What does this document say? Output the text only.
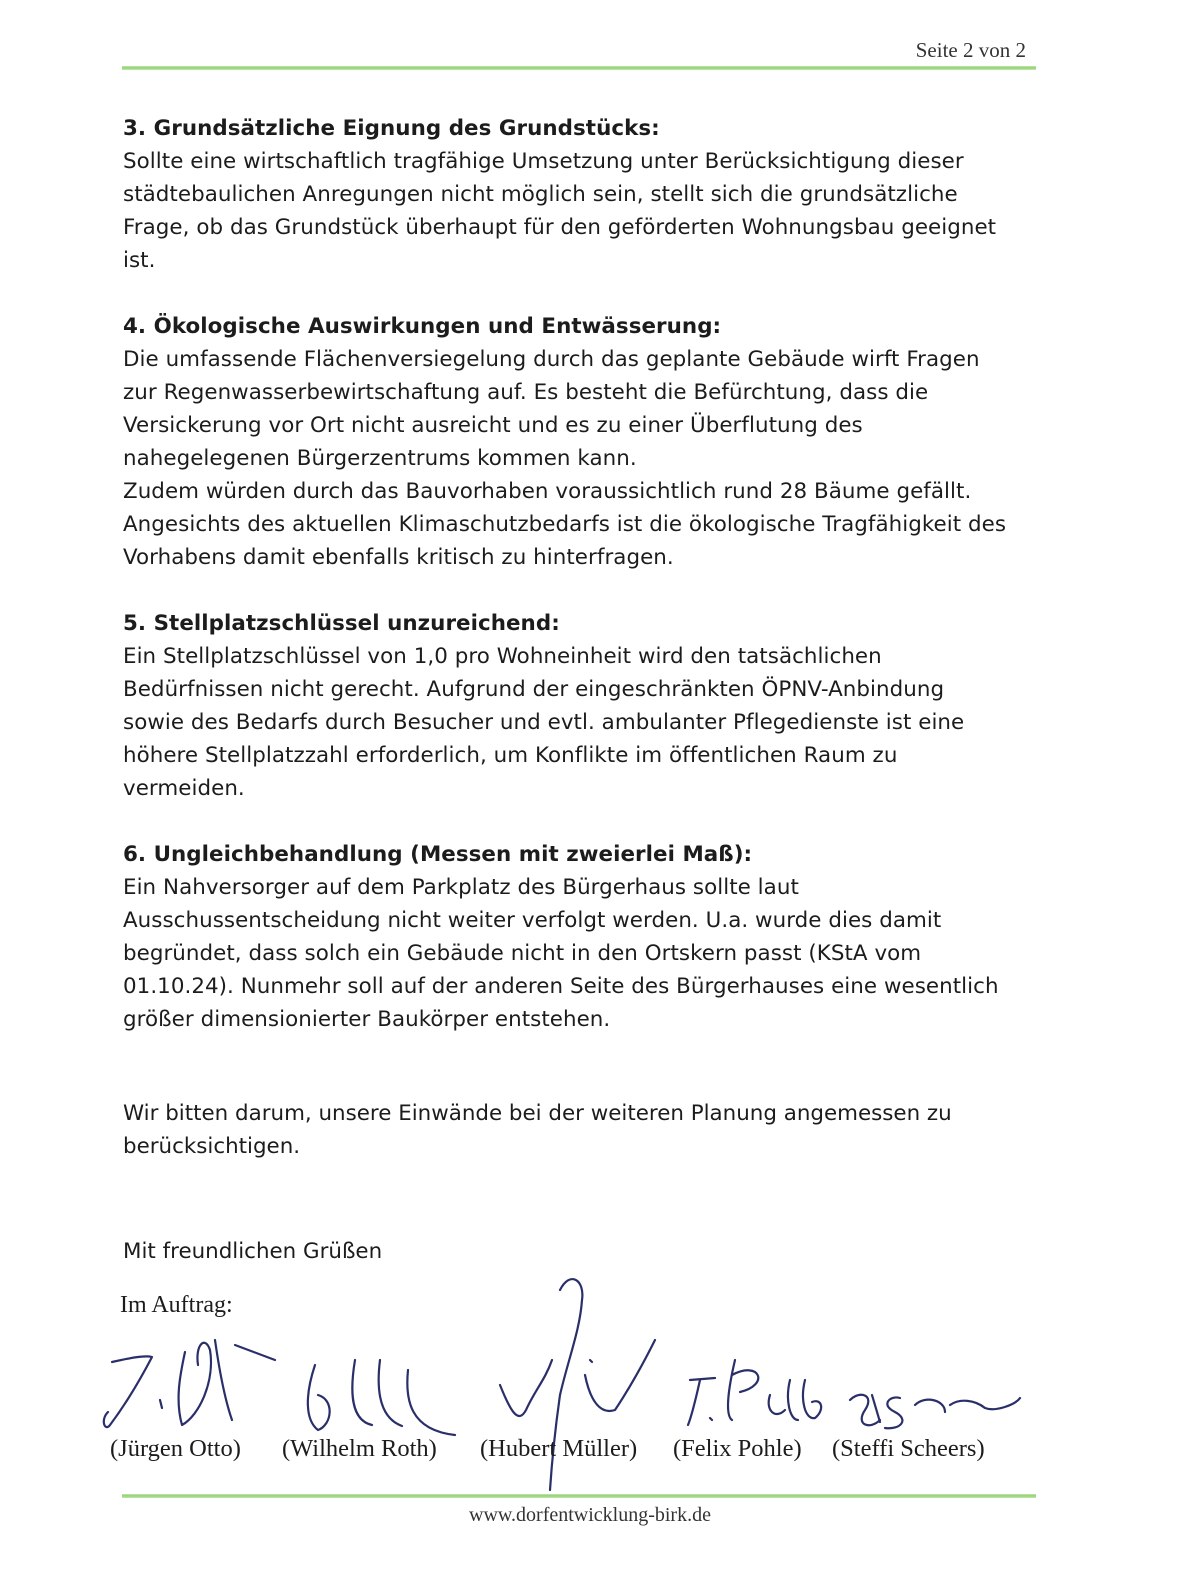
Seite 2 von 2
3. Grundsätzliche Eignung des Grundstücks:

Sollte eine wirtschaftlich tragfähige Umsetzung unter Berücksichtigung dieser

städtebaulichen Anregungen nicht möglich sein, stellt sich die grundsätzliche

Frage, ob das Grundstück überhaupt für den geförderten Wohnungsbau geeignet

ist.

4. Ökologische Auswirkungen und Entwässerung:

Die umfassende Flächenversiegelung durch das geplante Gebäude wirft Fragen

zur Regenwasserbewirtschaftung auf. Es besteht die Befürchtung, dass die

Versickerung vor Ort nicht ausreicht und es zu einer Überflutung des

nahegelegenen Bürgerzentrums kommen kann.

Zudem würden durch das Bauvorhaben voraussichtlich rund 28 Bäume gefällt.

Angesichts des aktuellen Klimaschutzbedarfs ist die ökologische Tragfähigkeit des

Vorhabens damit ebenfalls kritisch zu hinterfragen.

5. Stellplatzschlüssel unzureichend:

Ein Stellplatzschlüssel von 1,0 pro Wohneinheit wird den tatsächlichen

Bedürfnissen nicht gerecht. Aufgrund der eingeschränkten ÖPNV-Anbindung

sowie des Bedarfs durch Besucher und evtl. ambulanter Pflegedienste ist eine

höhere Stellplatzzahl erforderlich, um Konflikte im öffentlichen Raum zu

vermeiden.

6. Ungleichbehandlung (Messen mit zweierlei Maß):

Ein Nahversorger auf dem Parkplatz des Bürgerhaus sollte laut

Ausschussentscheidung nicht weiter verfolgt werden. U.a. wurde dies damit

begründet, dass solch ein Gebäude nicht in den Ortskern passt (KStA vom

01.10.24). Nunmehr soll auf der anderen Seite des Bürgerhauses eine wesentlich

größer dimensionierter Baukörper entstehen.

Wir bitten darum, unsere Einwände bei der weiteren Planung angemessen zu
berücksichtigen.
Mit freundlichen Grüßen
Im Auftrag:
(Jürgen Otto) (Wilhelm Roth) (Hubert Müller) (Felix Pohle) (Steffi Scheers)
www.dorfentwicklung-birk.de
